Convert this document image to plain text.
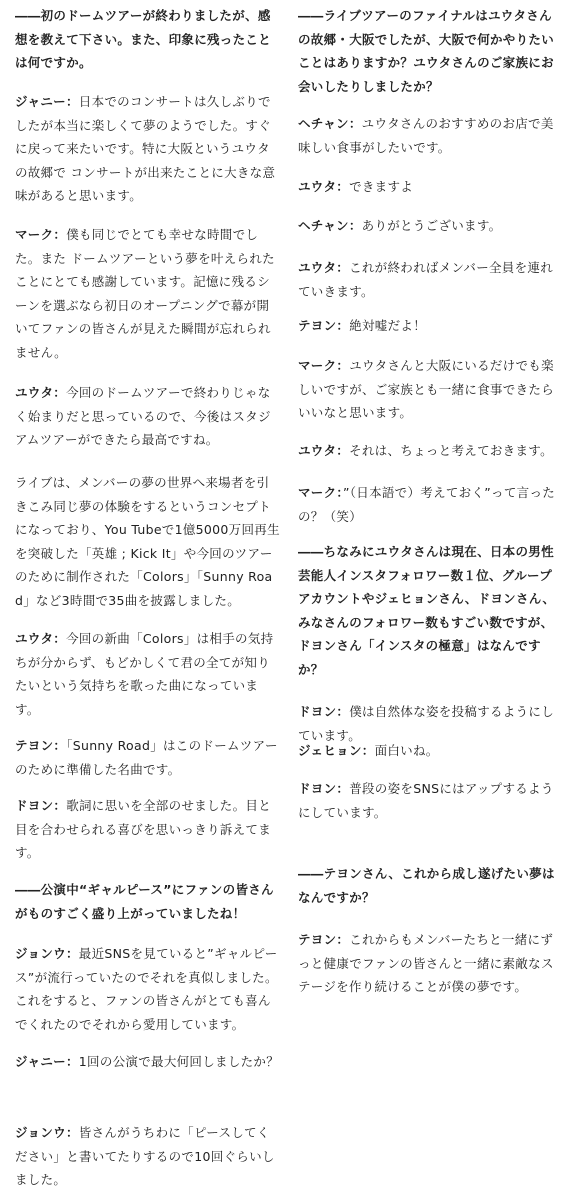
――初のドームツアーが終わりましたが、感想を教えて下さい。また、印象に残ったことは何ですか。

ジャニー：日本でのコンサートは久しぶりでしたが本当に楽しくて夢のようでした。すぐに戻って来たいです。特に大阪というユウタの故郷で コンサートが出来たことに大きな意味があると思います。

マーク：僕も同じでとても幸せな時間でした。また ドームツアーという夢を叶えられたことにとても感謝しています。記憶に残るシーンを選ぶなら初日のオープニングで幕が開いてファンの皆さんが見えた瞬間が忘れられません。

ユウタ：今回のドームツアーで終わりじゃなく始まりだと思っているので、今後はスタジアムツアーができたら最高ですね。

ライブは、メンバーの夢の世界へ来場者を引きこみ同じ夢の体験をするというコンセプトになっており、You Tubeで1億5000万回再生を突破した「英雄 ; Kick It」や今回のツアーのために制作された「Colors」「Sunny Road」など3時間で35曲を披露しました。

ユウタ：今回の新曲「Colors」は相手の気持ちが分からず、もどかしくて君の全てが知りたいという気持ちを歌った曲になっています。

テヨン：「Sunny Road」はこのドームツアーのために準備した名曲です。

ドヨン：歌詞に思いを全部のせました。目と目を合わせられる喜びを思いっきり訴えてます。

――公演中“ギャルピース”にファンの皆さんがものすごく盛り上がっていましたね！

ジョンウ：最近SNSを見ていると”ギャルピース”が流行っていたのでそれを真似しました。これをすると、ファンの皆さんがとても喜んでくれたのでそれから愛用しています。

ジャニー：1回の公演で最大何回しましたか？

ジョンウ：皆さんがうちわに「ピースしてください」と書いてたりするので10回ぐらいしました。

――ライブツアーのファイナルはユウタさんの故郷・大阪でしたが、大阪で何かやりたいことはありますか？ユウタさんのご家族にお会いしたりしましたか？

ヘチャン：ユウタさんのおすすめのお店で美味しい食事がしたいです。

ユウタ：できますよ

ヘチャン：ありがとうございます。

ユウタ：これが終わればメンバー全員を連れていきます。

テヨン：絶対嘘だよ！

マーク：ユウタさんと大阪にいるだけでも楽しいですが、ご家族とも一緒に食事できたらいいなと思います。

ユウタ：それは、ちょっと考えておきます。

マーク：”（日本語で）考えておく”って言ったの？（笑）

――ちなみにユウタさんは現在、日本の男性芸能人インスタフォロワー数１位、グループアカウントやジェヒョンさん、ドヨンさん、みなさんのフォロワー数もすごい数ですが、ドヨンさん「インスタの極意」はなんですか？

ドヨン：僕は自然体な姿を投稿するようにしています。

ジェヒョン：面白いね。

ドヨン：普段の姿をSNSにはアップするようにしています。

――テヨンさん、これから成し遂げたい夢はなんですか？

テヨン：これからもメンバーたちと一緒にずっと健康でファンの皆さんと一緒に素敵なステージを作り続けることが僕の夢です。
